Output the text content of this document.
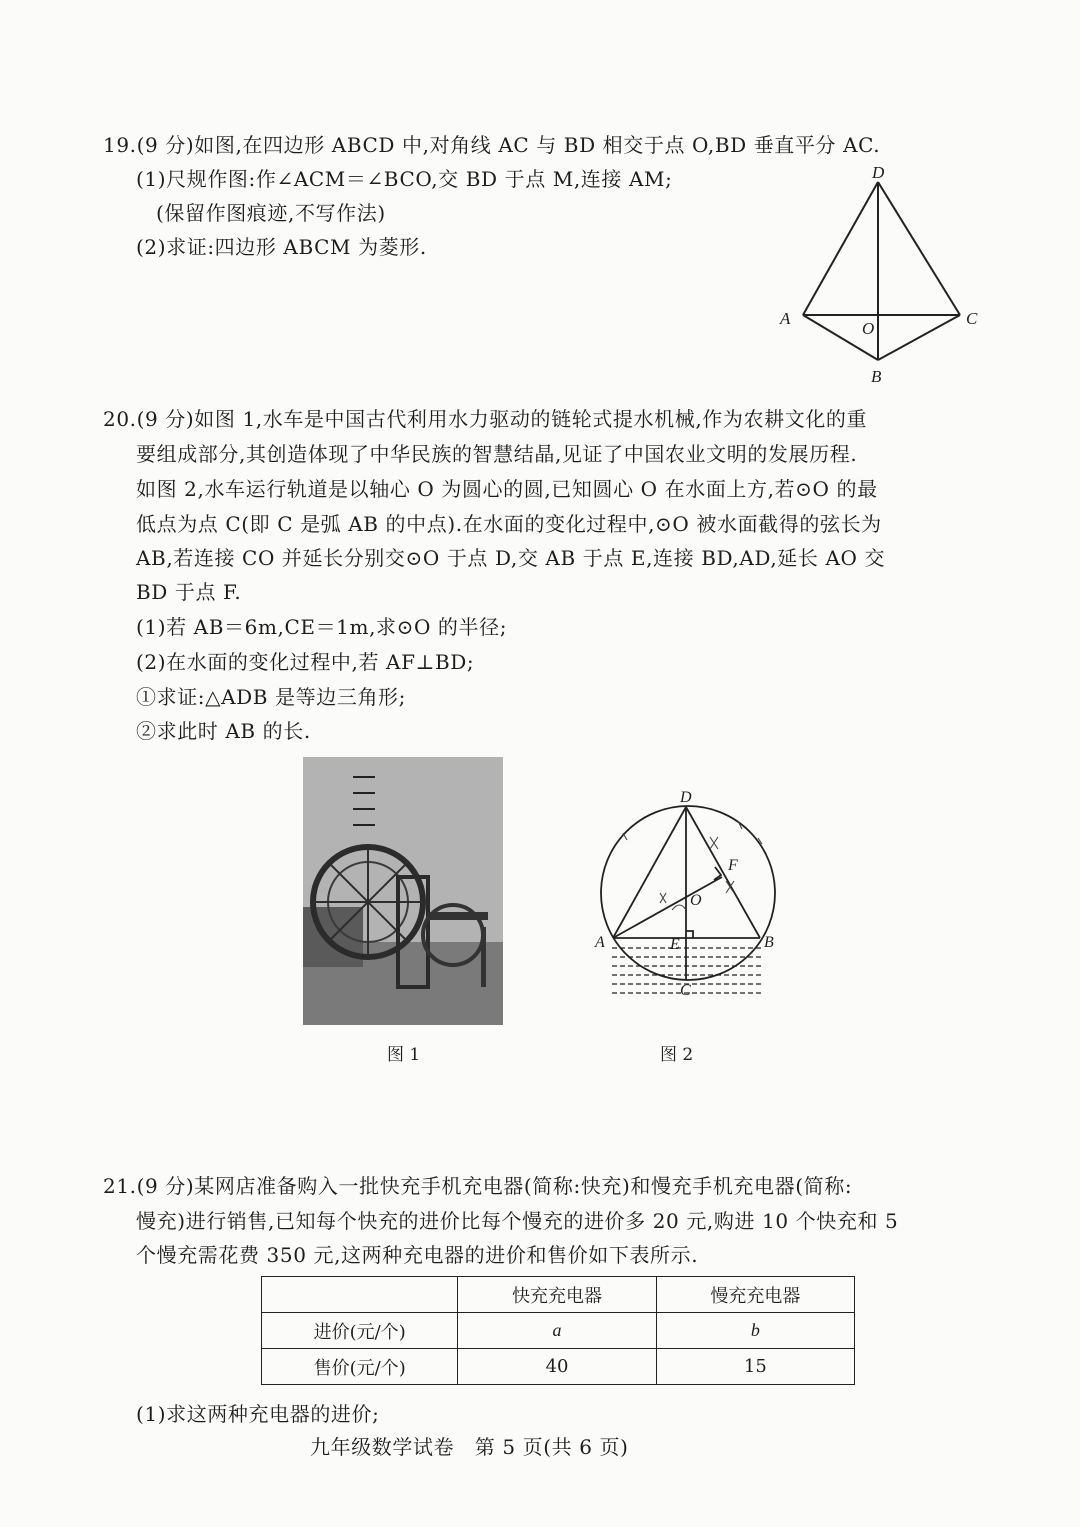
19.(9 分)如图,在四边形 ABCD 中,对角线 AC 与 BD 相交于点 O,BD 垂直平分 AC.
(1)尺规作图:作∠ACM＝∠BCO,交 BD 于点 M,连接 AM;
(保留作图痕迹,不写作法)
(2)求证:四边形 ABCM 为菱形.
D
A
O
C
B
20.(9 分)如图 1,水车是中国古代利用水力驱动的链轮式提水机械,作为农耕文化的重
要组成部分,其创造体现了中华民族的智慧结晶,见证了中国农业文明的发展历程.
如图 2,水车运行轨道是以轴心 O 为圆心的圆,已知圆心 O 在水面上方,若⊙O 的最
低点为点 C(即 C 是弧 AB 的中点).在水面的变化过程中,⊙O 被水面截得的弦长为
AB,若连接 CO 并延长分别交⊙O 于点 D,交 AB 于点 E,连接 BD,AD,延长 AO 交
BD 于点 F.
(1)若 AB＝6m,CE＝1m,求⊙O 的半径;
(2)在水面的变化过程中,若 AF⊥BD;
①求证:△ADB 是等边三角形;
②求此时 AB 的长.
D
F
O
A	E	B
C
图 1	图 2
21.(9 分)某网店准备购入一批快充手机充电器(简称:快充)和慢充手机充电器(简称:
慢充)进行销售,已知每个快充的进价比每个慢充的进价多 20 元,购进 10 个快充和 5
个慢充需花费 350 元,这两种充电器的进价和售价如下表所示.
	快充充电器	慢充充电器
进价(元/个)	a	b
售价(元/个)	40	15
(1)求这两种充电器的进价;
九年级数学试卷　第 5 页(共 6 页)
